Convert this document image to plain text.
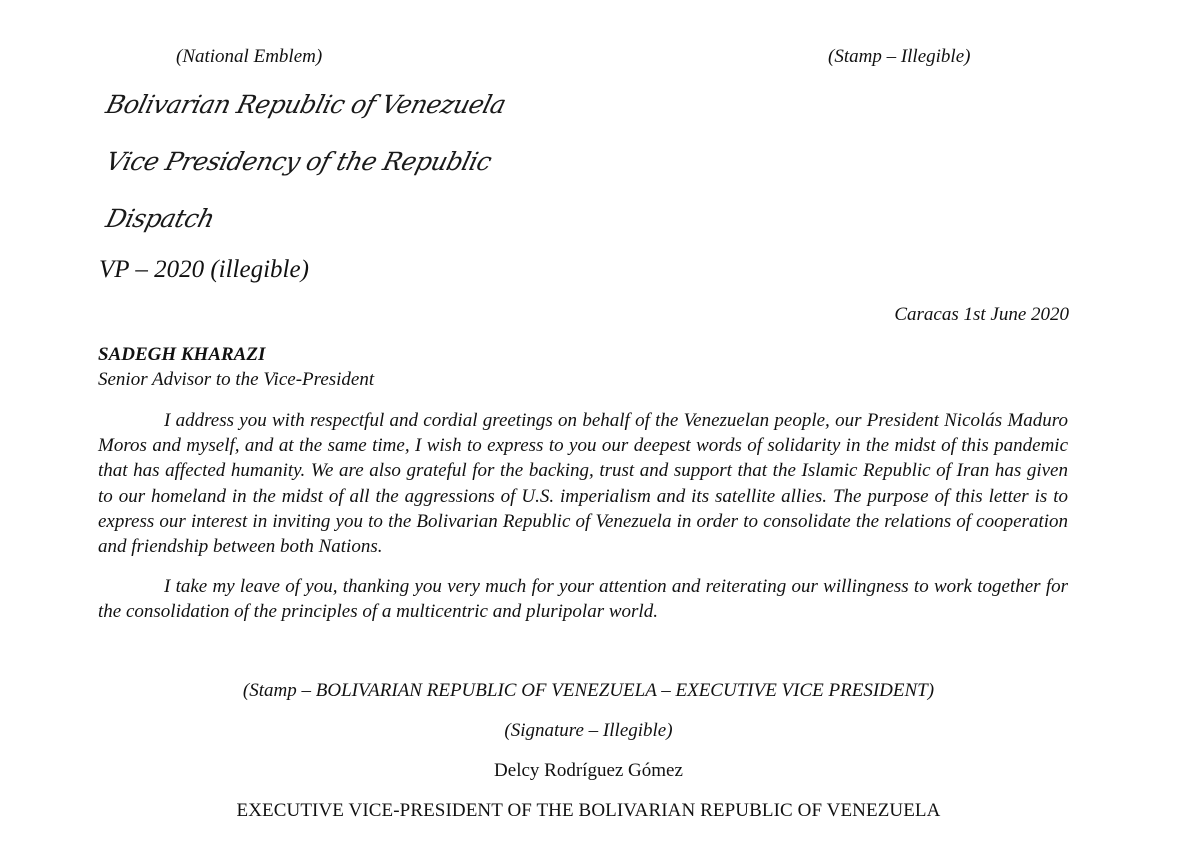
(National Emblem)	(Stamp – Illegible)
Bolivarian Republic of Venezuela
Vice Presidency of the Republic
Dispatch
VP – 2020 (illegible)
Caracas 1st June 2020
SADEGH KHARAZI
Senior Advisor to the Vice-President

I address you with respectful and cordial greetings on behalf of the Venezuelan people, our President Nicolás Maduro Moros and myself, and at the same time, I wish to express to you our deepest words of solidarity in the midst of this pandemic that has affected humanity. We are also grateful for the backing, trust and support that the Islamic Republic of Iran has given to our homeland in the midst of all the aggressions of U.S. imperialism and its satellite allies. The purpose of this letter is to express our interest in inviting you to the Bolivarian Republic of Venezuela in order to consolidate the relations of cooperation and friendship between both Nations.

I take my leave of you, thanking you very much for your attention and reiterating our willingness to work together for the consolidation of the principles of a multicentric and pluripolar world.

(Stamp – BOLIVARIAN REPUBLIC OF VENEZUELA – EXECUTIVE VICE PRESIDENT)
(Signature – Illegible)
Delcy Rodríguez Gómez
EXECUTIVE VICE-PRESIDENT OF THE BOLIVARIAN REPUBLIC OF VENEZUELA
